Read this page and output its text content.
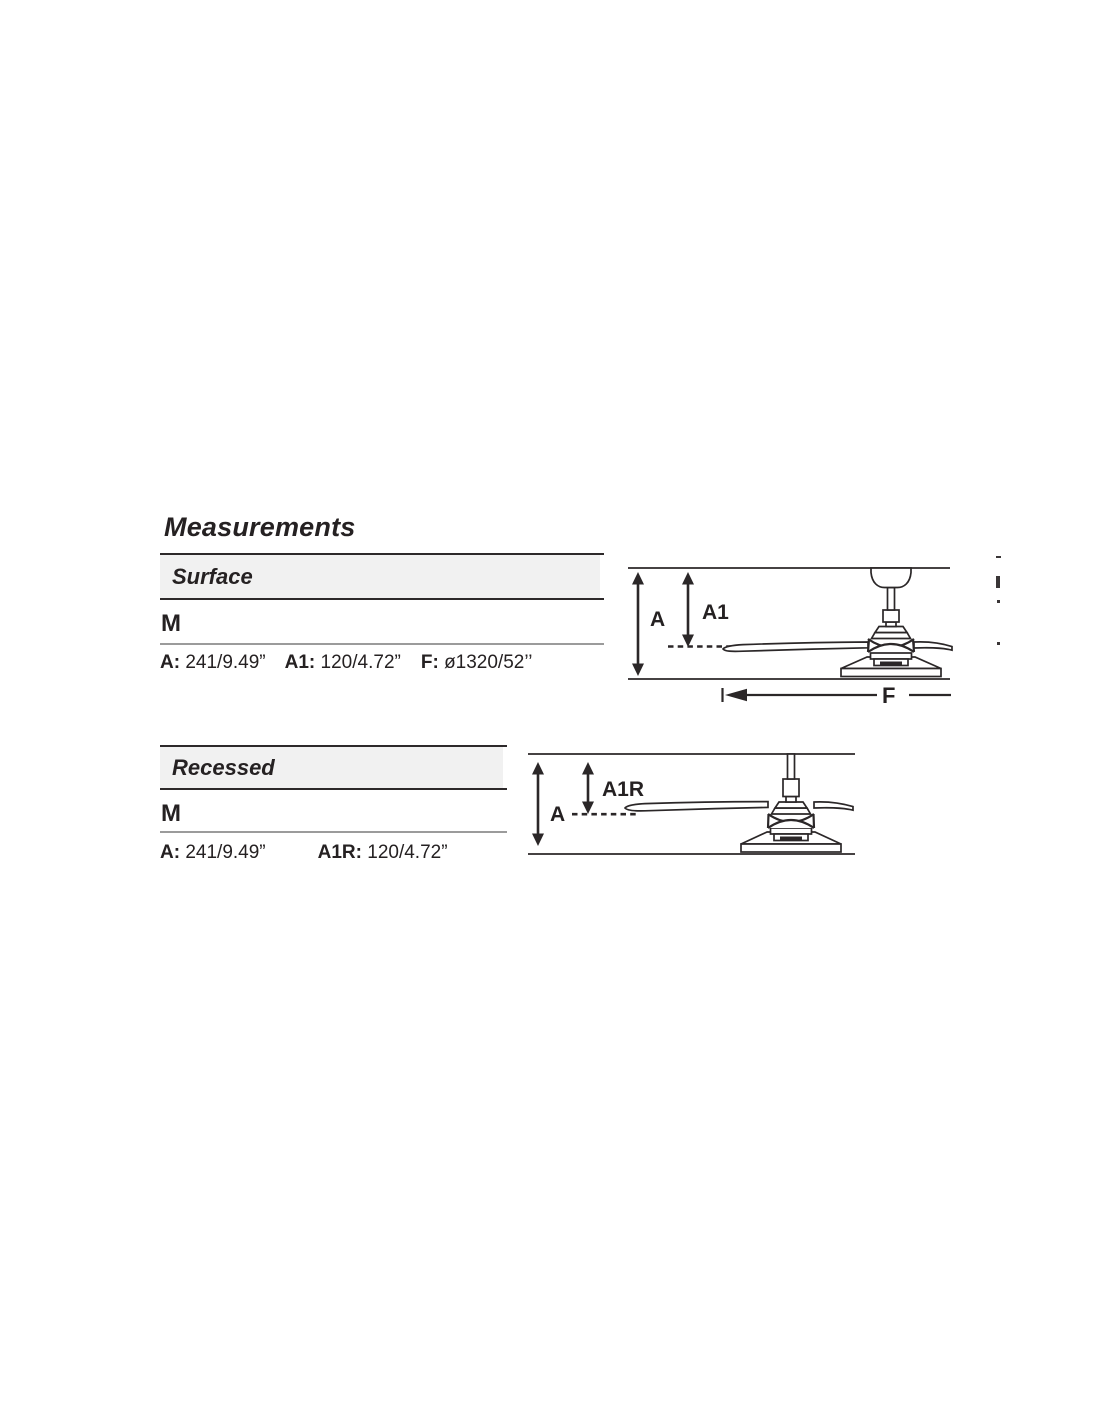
Measurements
Surface
M
A: 241/9.49” A1: 120/4.72” F: ø1320/52’’
A A1
F
Recessed
M
A: 241/9.49”	A1R: 120/4.72”
A
A1R
